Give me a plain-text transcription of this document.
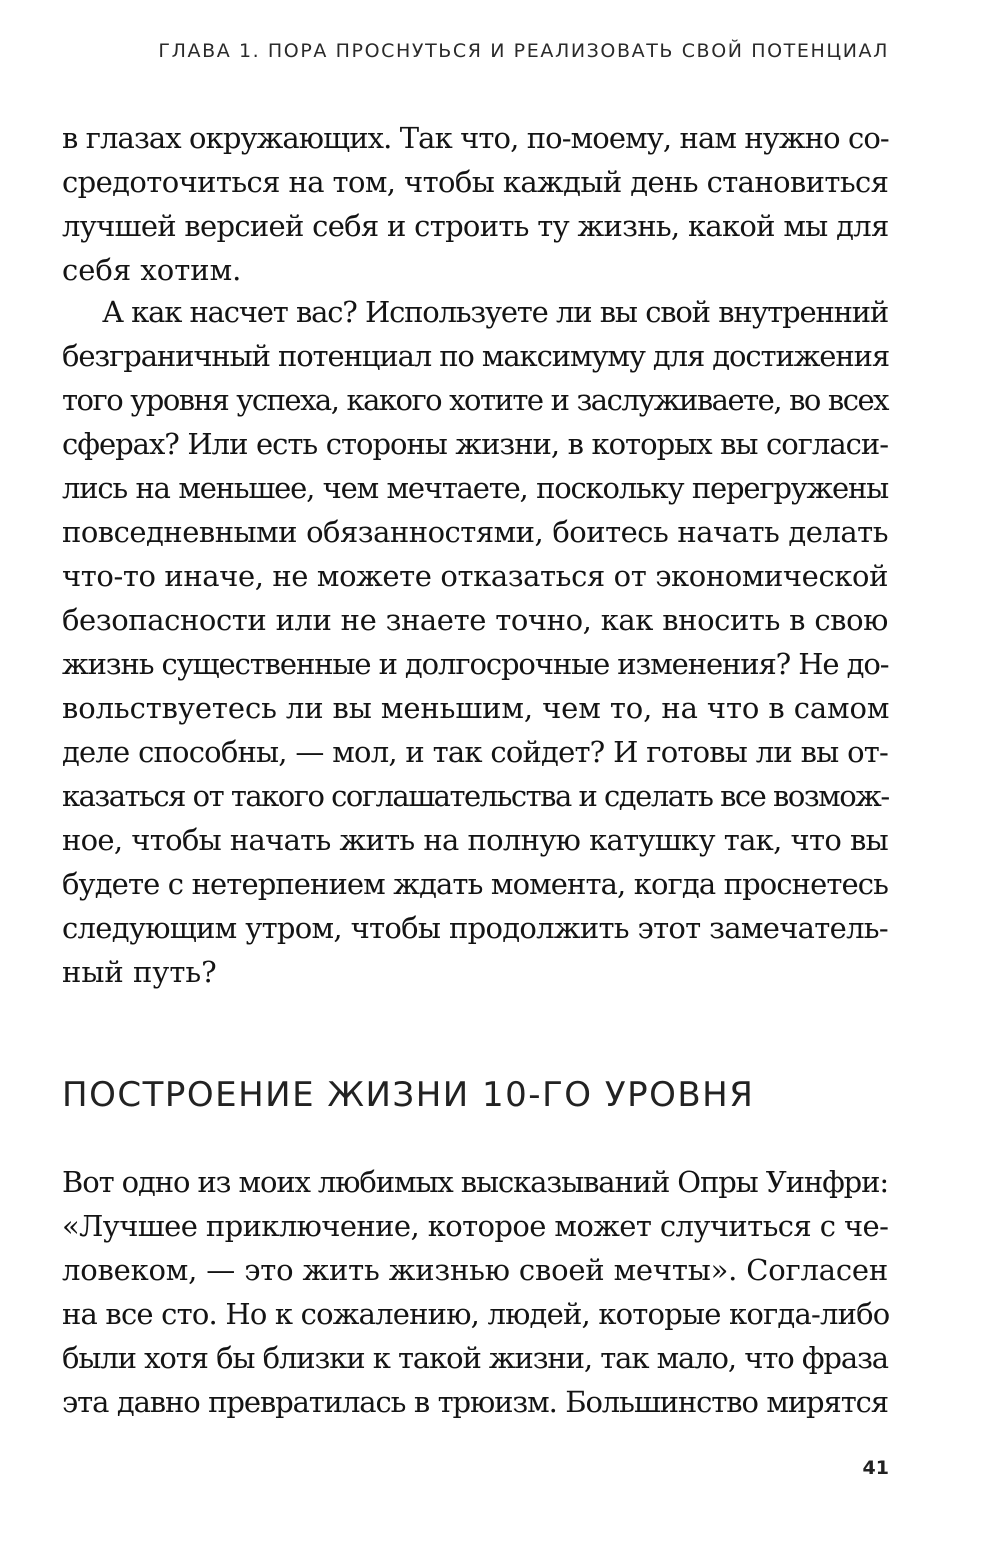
ГЛАВА 1. ПОРА ПРОСНУТЬСЯ И РЕАЛИЗОВАТЬ СВОЙ ПОТЕНЦИАЛ
в глазах окружающих. Так что, по-моему, нам нужно со-
средоточиться на том, чтобы каждый день становиться
лучшей версией себя и строить ту жизнь, какой мы для
себя хотим.
А как насчет вас? Используете ли вы свой внутренний
безграничный потенциал по максимуму для достижения
того уровня успеха, какого хотите и заслуживаете, во всех
сферах? Или есть стороны жизни, в которых вы согласи-
лись на меньшее, чем мечтаете, поскольку перегружены
повседневными обязанностями, боитесь начать делать
что-то иначе, не можете отказаться от экономической
безопасности или не знаете точно, как вносить в свою
жизнь существенные и долгосрочные изменения? Не до-
вольствуетесь ли вы меньшим, чем то, на что в самом
деле способны, — мол, и так сойдет? И готовы ли вы от-
казаться от такого соглашательства и сделать все возмож-
ное, чтобы начать жить на полную катушку так, что вы
будете с нетерпением ждать момента, когда проснетесь
следующим утром, чтобы продолжить этот замечатель-
ный путь?
ПОСТРОЕНИЕ ЖИЗНИ 10-ГО УРОВНЯ
Вот одно из моих любимых высказываний Опры Уинфри:
«Лучшее приключение, которое может случиться с че-
ловеком, — это жить жизнью своей мечты». Согласен
на все сто. Но к сожалению, людей, которые когда-либо
были хотя бы близки к такой жизни, так мало, что фраза
эта давно превратилась в трюизм. Большинство мирятся
41
